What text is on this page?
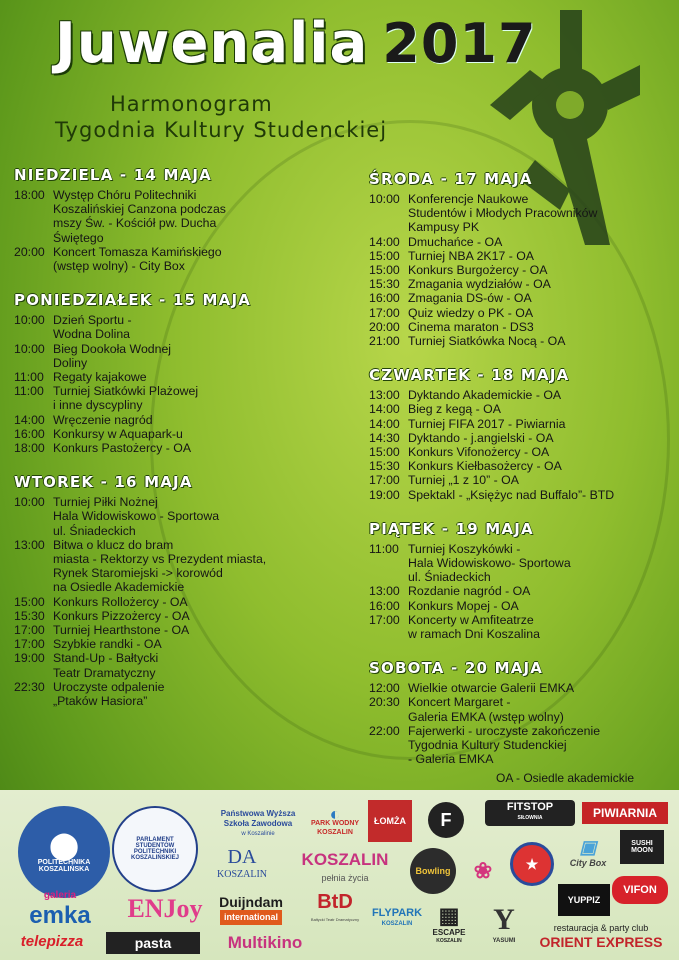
Juwenalia 2017
Harmonogram
Tygodnia Kultury Studenckiej
NIEDZIELA - 14 MAJA
18:00 Występ Chóru Politechniki
Koszalińskiej Canzona podczas
mszy Św. - Kościół pw. Ducha
Świętego
20:00 Koncert Tomasza Kamińskiego
(wstęp wolny) - City Box
PONIEDZIAŁEK - 15 MAJA
10:00 Dzień Sportu -
Wodna Dolina
10:00 Bieg Dookoła Wodnej
Doliny
11:00 Regaty kajakowe
11:00 Turniej Siatkówki Plażowej
i inne dyscypliny
14:00 Wręczenie nagród
16:00 Konkursy w Aquapark-u
18:00 Konkurs Pastożercy - OA
WTOREK - 16 MAJA
10:00 Turniej Piłki Nożnej
Hala Widowiskowo - Sportowa
ul. Śniadeckich
13:00 Bitwa o klucz do bram
miasta - Rektorzy vs Prezydent miasta,
Rynek Staromiejski -> korowód
na Osiedle Akademickie
15:00 Konkurs Rollożercy - OA
15:30 Konkurs Pizzożercy - OA
17:00 Turniej Hearthstone - OA
17:00 Szybkie randki - OA
19:00 Stand-Up - Bałtycki
Teatr Dramatyczny
22:30 Uroczyste odpalenie
„Ptaków Hasiora”
ŚRODA - 17 MAJA
10:00 Konferencje Naukowe
Studentów i Młodych Pracowników
Kampusy PK
14:00 Dmuchańce - OA
15:00 Turniej NBA 2K17 - OA
15:00 Konkurs Burgożercy - OA
15:30 Zmagania wydziałów - OA
16:00 Zmagania DS-ów - OA
17:00 Quiz wiedzy o PK - OA
20:00 Cinema maraton - DS3
21:00 Turniej Siatkówka Nocą - OA
CZWARTEK - 18 MAJA
13:00 Dyktando Akademickie - OA
14:00 Bieg z kegą - OA
14:00 Turniej FIFA 2017 - Piwiarnia
14:30 Dyktando - j.angielski - OA
15:00 Konkurs Vifonożercy - OA
15:30 Konkurs Kiełbasożercy - OA
17:00 Turniej „1 z 10” - OA
19:00 Spektakl - „Księżyc nad Buffalo”- BTD
PIĄTEK - 19 MAJA
11:00 Turniej Koszykówki -
Hala Widowiskowo- Sportowa
ul. Śniadeckich
13:00 Rozdanie nagród - OA
16:00 Konkurs Mopej - OA
17:00 Koncerty w Amfiteatrze
w ramach Dni Koszalina
SOBOTA - 20 MAJA
12:00 Wielkie otwarcie Galerii EMKA
20:30 Koncert Margaret -
Galeria EMKA (wstęp wolny)
22:00 Fajerwerki - uroczyste zakończenie
Tygodnia Kultury Studenckiej
- Galeria EMKA
OA - Osiedle akademickie
⬤
POLITECHNIKA KOSZALIŃSKA
PARLAMENT STUDENTÓW POLITECHNIKI KOSZALIŃSKIEJ
Państwowa Wyższa Szkoła Zawodowa
w Koszalinie
◐
PARK WODNY KOSZALIN
ŁOMŻA	F
FITSTOP
SIŁOWNIA	PIWIARNIA
SUSHI MOON
DA
KOSZALIN
KOSZALIN
pełnia życia
Bowling	❀	★
▣
City Box
YUPPIZ
VIFON
galeria
emka ENJoy Duijndam
international
BtD
Bałtycki Teatr Dramatyczny
FLYPARK
KOSZALIN ▦
ESCAPE
KOSZALIN
Y
YASUMI
restauracja & party club
ORIENT EXPRESS
telepizza	pasta	Multikino
